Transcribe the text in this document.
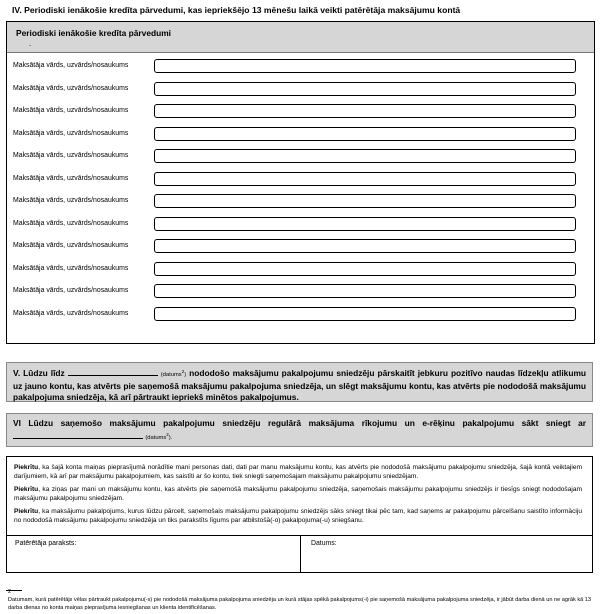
IV. Periodiski ienākošie kredīta pārvedumi, kas iepriekšējo 13 mēnešu laikā veikti patērētāja maksājumu kontā
Periodiski ienākošie kredīta pārvedumi
.
Maksātāja vārds, uzvārds/nosaukums
Maksātāja vārds, uzvārds/nosaukums
Maksātāja vārds, uzvārds/nosaukums
Maksātāja vārds, uzvārds/nosaukums
Maksātāja vārds, uzvārds/nosaukums
Maksātāja vārds, uzvārds/nosaukums
Maksātāja vārds, uzvārds/nosaukums
Maksātāja vārds, uzvārds/nosaukums
Maksātāja vārds, uzvārds/nosaukums
Maksātāja vārds, uzvārds/nosaukums
Maksātāja vārds, uzvārds/nosaukums
Maksātāja vārds, uzvārds/nosaukums
V. Lūdzu līdz	(datums$^2$) nododošo maksājumu pakalpojumu sniedzēju pārskaitīt jebkuru pozitīvo naudas līdzekļu atlikumu uz jauno kontu, kas atvērts pie saņemošā maksājumu pakalpojuma sniedzēja, un slēgt maksājumu kontu, kas atvērts pie nododošā maksājumu pakalpojuma sniedzēja, kā arī pārtraukt iepriekš minētos pakalpojumus.
VI Lūdzu saņemošo maksājumu pakalpojumu sniedzēju regulārā maksājuma rīkojumu un e-rēķinu pakalpojumu sākt sniegt ar  (datums$^2$).
Piekrītu, ka šajā konta maiņas pieprasījumā norādītie mani personas dati, dati par manu maksājumu kontu, kas atvērts pie nododošā maksājumu pakalpojumu sniedzēja, šajā kontā veiktajiem darījumiem, kā arī par maksājumu pakalpojumiem, kas saistīti ar šo kontu, tiek sniegti saņemošajam maksājumu pakalpojumu sniedzējam.
Piekrītu, ka ziņas par mani un maksājumu kontu, kas atvērts pie saņemošā maksājumu pakalpojumu sniedzēja, saņemošais maksājumu pakalpojumu sniedzējs ir tiesīgs sniegt nododošajam maksājumu pakalpojumu sniedzējam.
Piekrītu, ka maksājumu pakalpojums, kurus lūdzu pārcelt, saņemošais maksājumu pakalpojumu sniedzējs sāks sniegt tikai pēc tam, kad saņems ar pakalpojumu pārcelšanu saistīto informāciju no nododošā maksājumu pakalpojumu sniedzēja un tiks parakstīts līgums par atbilstošā(-o) pakalpojuma(-u) sniegšanu.
Patērētāja paraksts:	Datums:
2
Datumam, kurā patērētājs vēlas pārtraukt pakalpojumu(-s) pie nododošā maksājuma pakalpojuma sniedzēja un kurā stājas spēkā pakalpojums(-i) pie saņemošā maksājuma pakalpojuma sniedzēja, ir jābūt darba dienā un ne agrāk kā 13 darba dienas no konta maiņas pieprasījuma iesniegšanas un klienta identificēšanas.
